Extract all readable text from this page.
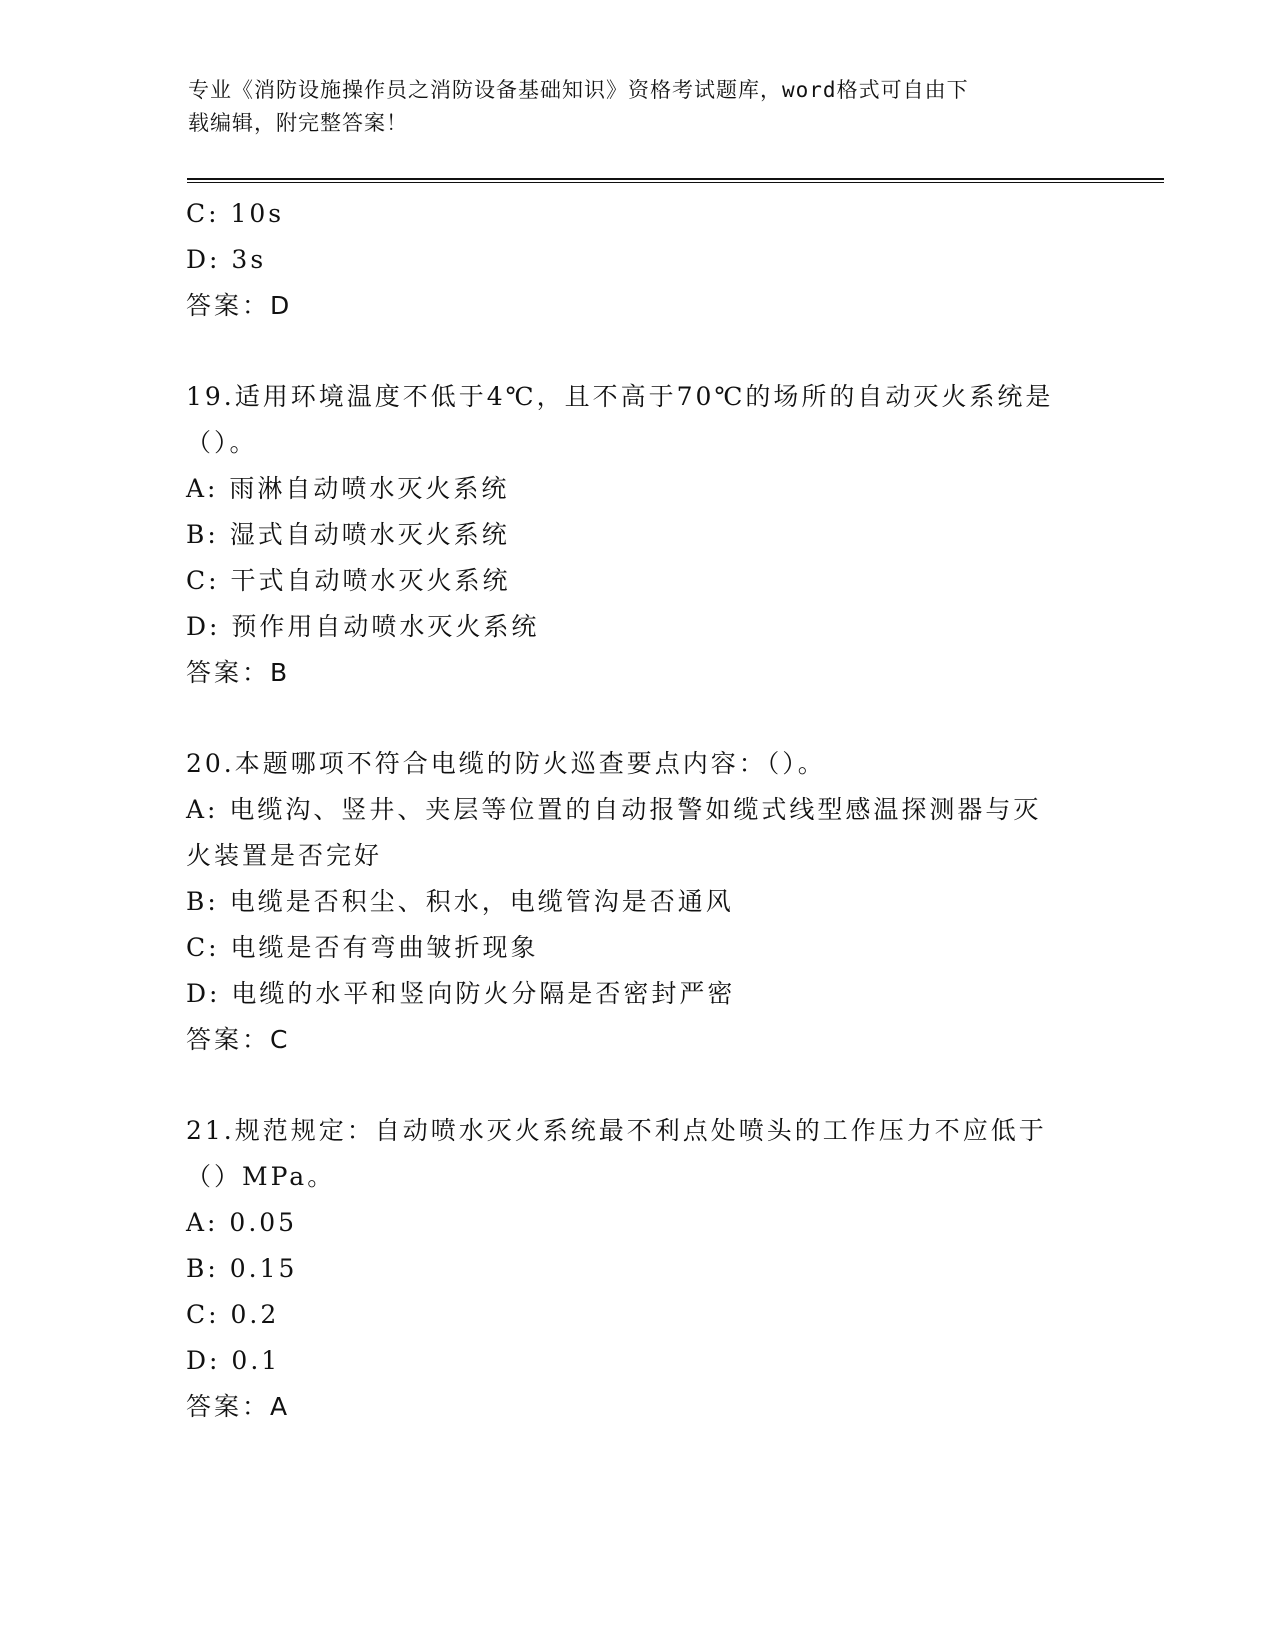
专业《消防设施操作员之消防设备基础知识》资格考试题库，word格式可自由下
载编辑，附完整答案！
C: 10s
D: 3s
答案：D
19.适用环境温度不低于4℃，且不高于70℃的场所的自动灭火系统是
（）。
A: 雨淋自动喷水灭火系统
B: 湿式自动喷水灭火系统
C: 干式自动喷水灭火系统
D: 预作用自动喷水灭火系统
答案：B
20.本题哪项不符合电缆的防火巡查要点内容：（）。
A: 电缆沟、竖井、夹层等位置的自动报警如缆式线型感温探测器与灭
火装置是否完好
B: 电缆是否积尘、积水，电缆管沟是否通风
C: 电缆是否有弯曲皱折现象
D: 电缆的水平和竖向防火分隔是否密封严密
答案：C
21.规范规定：自动喷水灭火系统最不利点处喷头的工作压力不应低于
（）MPa。
A: 0.05
B: 0.15
C: 0.2
D: 0.1
答案：A
